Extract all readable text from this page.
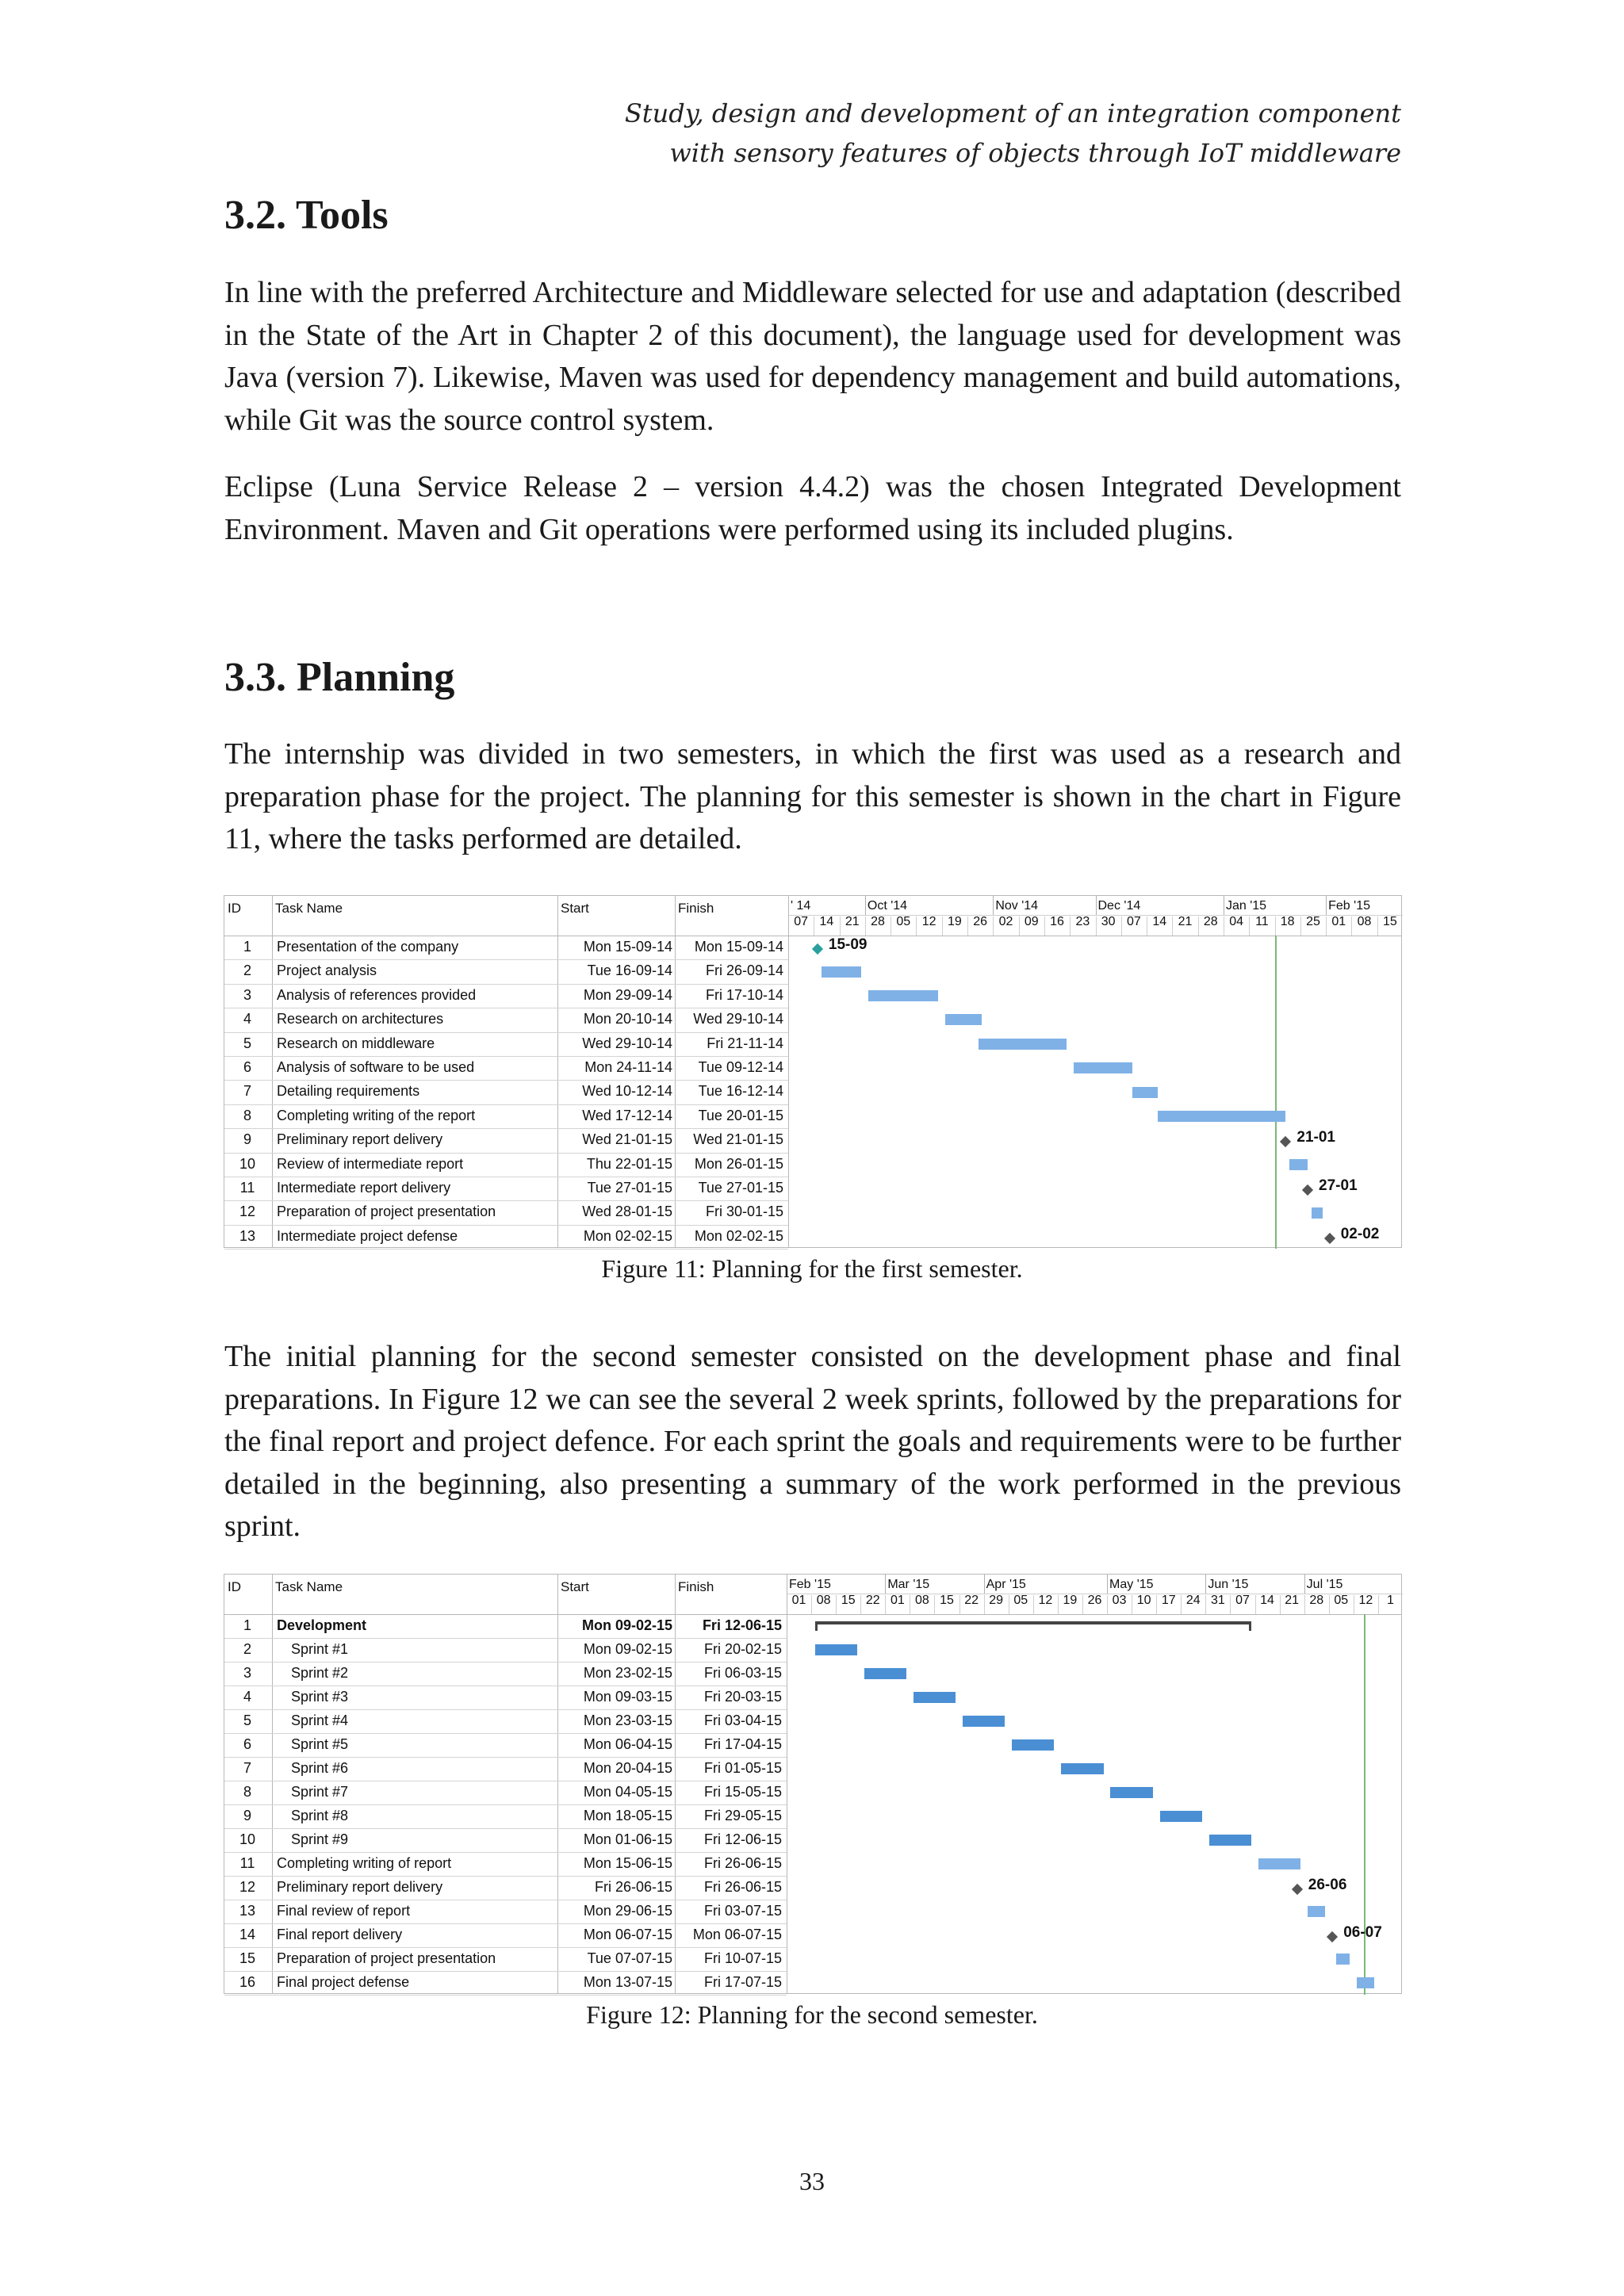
Study, design and development of an integration component
with sensory features of objects through IoT middleware
3.2. Tools

In line with the preferred Architecture and Middleware selected for use and adaptation (described in the State of the Art in Chapter 2 of this document), the language used for development was Java (version 7). Likewise, Maven was used for dependency management and build automations, while Git was the source control system.

Eclipse (Luna Service Release 2 – version 4.4.2) was the chosen Integrated Development Environment. Maven and Git operations were performed using its included plugins.

3.3. Planning

The internship was divided in two semesters, in which the first was used as a research and preparation phase for the project. The planning for this semester is shown in the chart in Figure 11, where the tasks performed are detailed.

ID	Task Name	Start	Finish
07 14 21 28 05 12 19 26 02 09 16 23 30 07 14 21 28 04 11 18 25 01 08 15
' 14	Oct '14	Nov '14	Dec '14	Jan '15	Feb '15
1	Presentation of the company	Mon 15-09-14 Mon 15-09-14	15-09
2	Project analysis	Tue 16-09-14 Fri 26-09-14
3	Analysis of references provided	Mon 29-09-14 Fri 17-10-14
4	Research on architectures	Mon 20-10-14 Wed 29-10-14
5	Research on middleware	Wed 29-10-14 Fri 21-11-14
6	Analysis of software to be used	Mon 24-11-14 Tue 09-12-14
7	Detailing requirements	Wed 10-12-14 Tue 16-12-14
8	Completing writing of the report	Wed 17-12-14 Tue 20-01-15
9	Preliminary report delivery	Wed 21-01-15 Wed 21-01-15	21-01
10	Review of intermediate report	Thu 22-01-15 Mon 26-01-15
11	Intermediate report delivery	Tue 27-01-15 Tue 27-01-15	27-01
12	Preparation of project presentation	Wed 28-01-15 Fri 30-01-15
13	Intermediate project defense	Mon 02-02-15 Mon 02-02-15	02-02
Figure 11: Planning for the first semester.

The initial planning for the second semester consisted on the development phase and final preparations. In Figure 12 we can see the several 2 week sprints, followed by the preparations for the final report and project defence. For each sprint the goals and requirements were to be further detailed in the beginning, also presenting a summary of the work performed in the previous sprint.

ID	Task Name	Start	Finish
01 08 15 22 01 08 15 22 29 05 12 19 26 03 10 17 24 31 07 14 21 28 05 12	1
Feb '15	Mar '15	Apr '15	May '15	Jun '15	Jul '15
1	Development	Mon 09-02-15 Fri 12-06-15
2	Sprint #1	Mon 09-02-15 Fri 20-02-15
3	Sprint #2	Mon 23-02-15 Fri 06-03-15
4	Sprint #3	Mon 09-03-15 Fri 20-03-15
5	Sprint #4	Mon 23-03-15 Fri 03-04-15
6	Sprint #5	Mon 06-04-15 Fri 17-04-15
7	Sprint #6	Mon 20-04-15 Fri 01-05-15
8	Sprint #7	Mon 04-05-15 Fri 15-05-15
9	Sprint #8	Mon 18-05-15 Fri 29-05-15
10	Sprint #9	Mon 01-06-15 Fri 12-06-15
11	Completing writing of report	Mon 15-06-15 Fri 26-06-15
12	Preliminary report delivery	Fri 26-06-15 Fri 26-06-15	26-06
13	Final review of report	Mon 29-06-15 Fri 03-07-15
14	Final report delivery	Mon 06-07-15 Mon 06-07-15	06-07
15	Preparation of project presentation	Tue 07-07-15 Fri 10-07-15
16	Final project defense	Mon 13-07-15 Fri 17-07-15
Figure 12: Planning for the second semester.
33
